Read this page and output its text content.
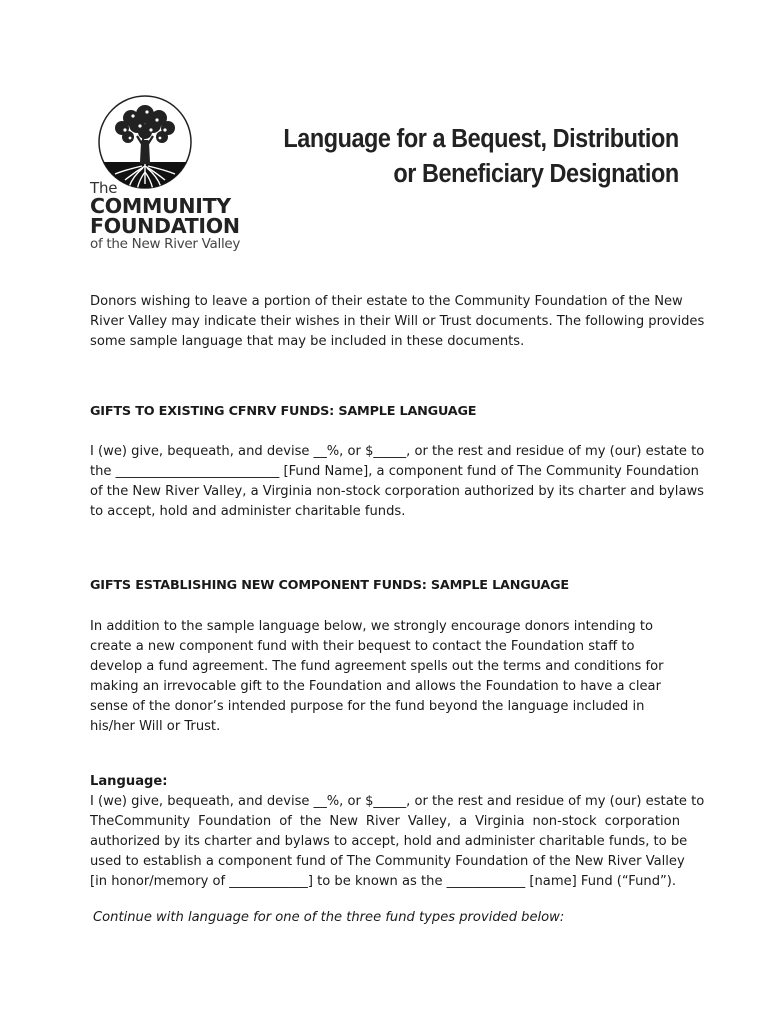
The
COMMUNITY
FOUNDATION
of the New River Valley
Language for a Bequest, Distribution
or Beneficiary Designation
Donors wishing to leave a portion of their estate to the Community Foundation of the New
River Valley may indicate their wishes in their Will or Trust documents. The following provides
some sample language that may be included in these documents.
GIFTS TO EXISTING CFNRV FUNDS: SAMPLE LANGUAGE
I (we) give, bequeath, and devise __%, or $_____, or the rest and residue of my (our) estate to
the _________________________ [Fund Name], a component fund of The Community Foundation
of the New River Valley, a Virginia non-stock corporation authorized by its charter and bylaws
to accept, hold and administer charitable funds.
GIFTS ESTABLISHING NEW COMPONENT FUNDS: SAMPLE LANGUAGE
In addition to the sample language below, we strongly encourage donors intending to
create a new component fund with their bequest to contact the Foundation staff to
develop a fund agreement. The fund agreement spells out the terms and conditions for
making an irrevocable gift to the Foundation and allows the Foundation to have a clear
sense of the donor’s intended purpose for the fund beyond the language included in
his/her Will or Trust.
Language:
I (we) give, bequeath, and devise __%, or $_____, or the rest and residue of my (our) estate to
TheCommunity Foundation of the New River Valley, a Virginia non-stock corporation
authorized by its charter and bylaws to accept, hold and administer charitable funds, to be
used to establish a component fund of The Community Foundation of the New River Valley
[in honor/memory of ____________] to be known as the ____________ [name] Fund (“Fund”).
Continue with language for one of the three fund types provided below:
